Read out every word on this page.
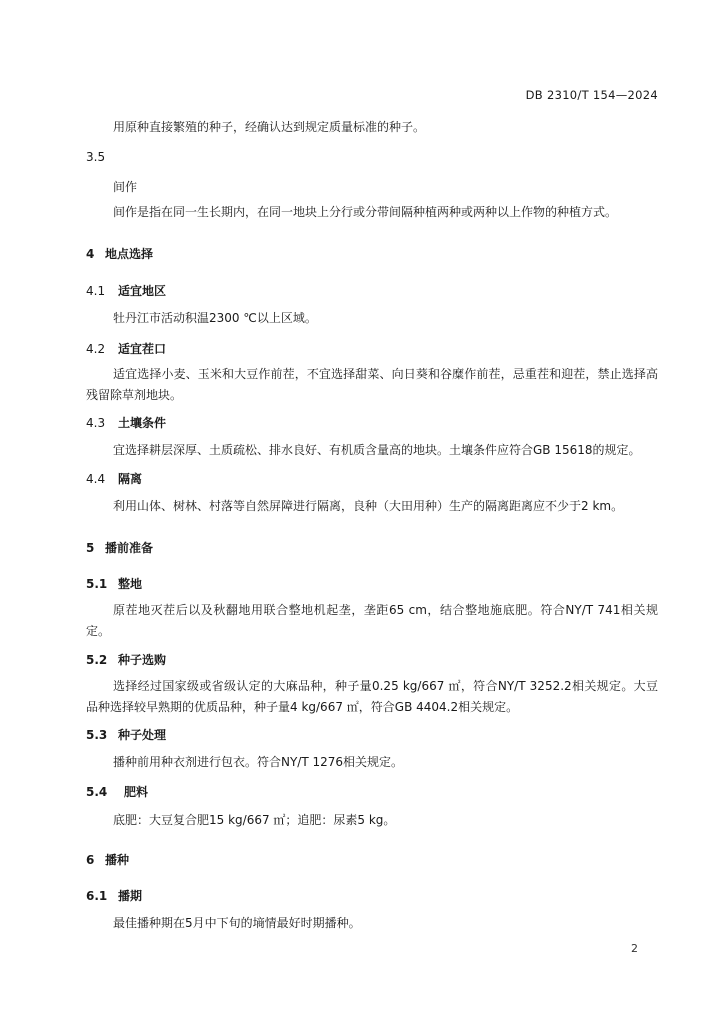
DB 2310/T 154—2024

用原种直接繁殖的种子，经确认达到规定质量标准的种子。

3.5

间作

间作是指在同一生长期内，在同一地块上分行或分带间隔种植两种或两种以上作物的种植方式。

4 地点选择

4.1 适宜地区

牡丹江市活动积温2300 ℃以上区域。

4.2 适宜茬口

适宜选择小麦、玉米和大豆作前茬，不宜选择甜菜、向日葵和谷糜作前茬，忌重茬和迎茬，禁止选择高残留除草剂地块。

4.3 土壤条件

宜选择耕层深厚、土质疏松、排水良好、有机质含量高的地块。土壤条件应符合GB 15618的规定。

4.4 隔离

利用山体、树林、村落等自然屏障进行隔离，良种（大田用种）生产的隔离距离应不少于2 km。

5 播前准备

5.1 整地

原茬地灭茬后以及秋翻地用联合整地机起垄，垄距65 cm，结合整地施底肥。符合NY/T 741相关规定。

5.2 种子选购

选择经过国家级或省级认定的大麻品种，种子量0.25 kg/667 ㎡，符合NY/T 3252.2相关规定。大豆品种选择较早熟期的优质品种，种子量4 kg/667 ㎡，符合GB 4404.2相关规定。

5.3 种子处理

播种前用种衣剂进行包衣。符合NY/T 1276相关规定。

5.4 肥料

底肥：大豆复合肥15 kg/667 ㎡；追肥：尿素5 kg。

6 播种

6.1 播期

最佳播种期在5月中下旬的墒情最好时期播种。

2
